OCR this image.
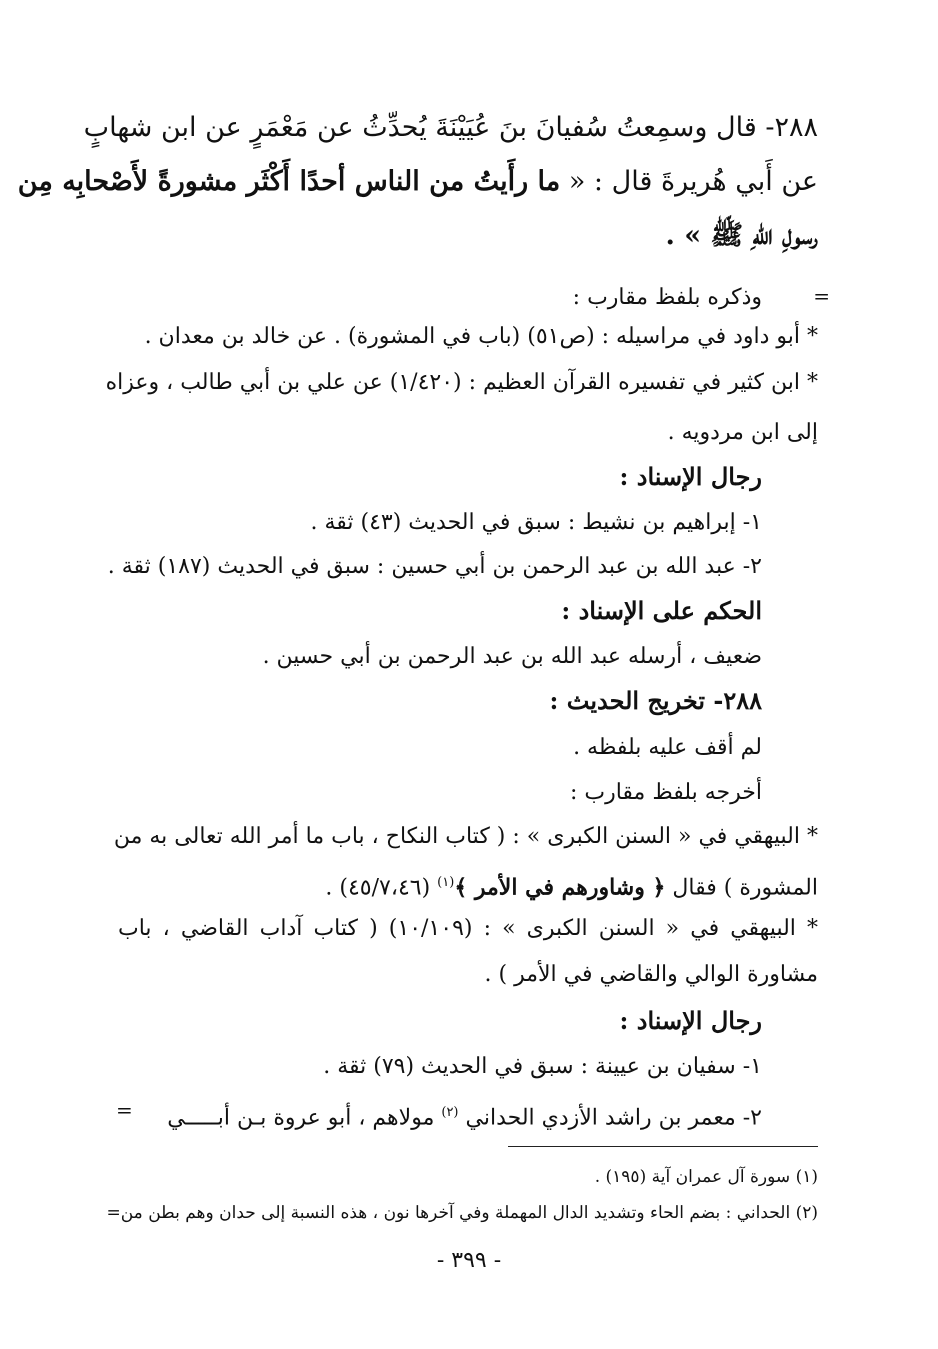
٢٨٨- قال وسمِعتُ سُفيانَ بنَ عُيَيْنَةَ يُحدِّثُ عن مَعْمَرٍ عن ابن شهابٍ
عن أَبي هُريرةَ قال : « ما رأَيتُ من الناس أحدًا أَكْثَر مشورةً لأَصْحابِه مِن
رسولِ اللهِ ﷺ » .
=
وذكره بلفظ مقارب :
* أبو داود في مراسيله : (ص٥١) (باب في المشورة) . عن خالد بن معدان .
* ابن كثير في تفسيره القرآن العظيم : (١/٤٢٠) عن علي بن أبي طالب ، وعزاه
إلى ابن مردويه .
رجال الإسناد :
١- إبراهيم بن نشيط : سبق في الحديث (٤٣) ثقة .
٢- عبد الله بن عبد الرحمن بن أبي حسين : سبق في الحديث (١٨٧) ثقة .
الحكم على الإسناد :
ضعيف ، أرسله عبد الله بن عبد الرحمن بن أبي حسين .
٢٨٨- تخريج الحديث :
لم أقف عليه بلفظه .
أخرجه بلفظ مقارب :
* البيهقي في « السنن الكبرى » : ( كتاب النكاح ، باب ما أمر الله تعالى به من
المشورة ) فقال ﴿ وشاورهم في الأمر ﴾$^{(١)}$ (٤٥/٧،٤٦) .
* البيهقي في « السنن الكبرى » : (١٠/١٠٩) ( كتاب آداب القاضي ، باب
مشاورة الوالي والقاضي في الأمر ) .
رجال الإسناد :
١- سفيان بن عيينة : سبق في الحديث (٧٩) ثقة .
٢- معمر بن راشد الأزدي الحداني $^{(٢)}$ مولاهم ، أبو عروة بـن أبـــــي
=
(١) سورة آل عمران آية (١٩٥) .
(٢) الحداني : بضم الحاء وتشديد الدال المهملة وفي آخرها نون ، هذه النسبة إلى حدان وهم بطن من=
- ٣٩٩ -
